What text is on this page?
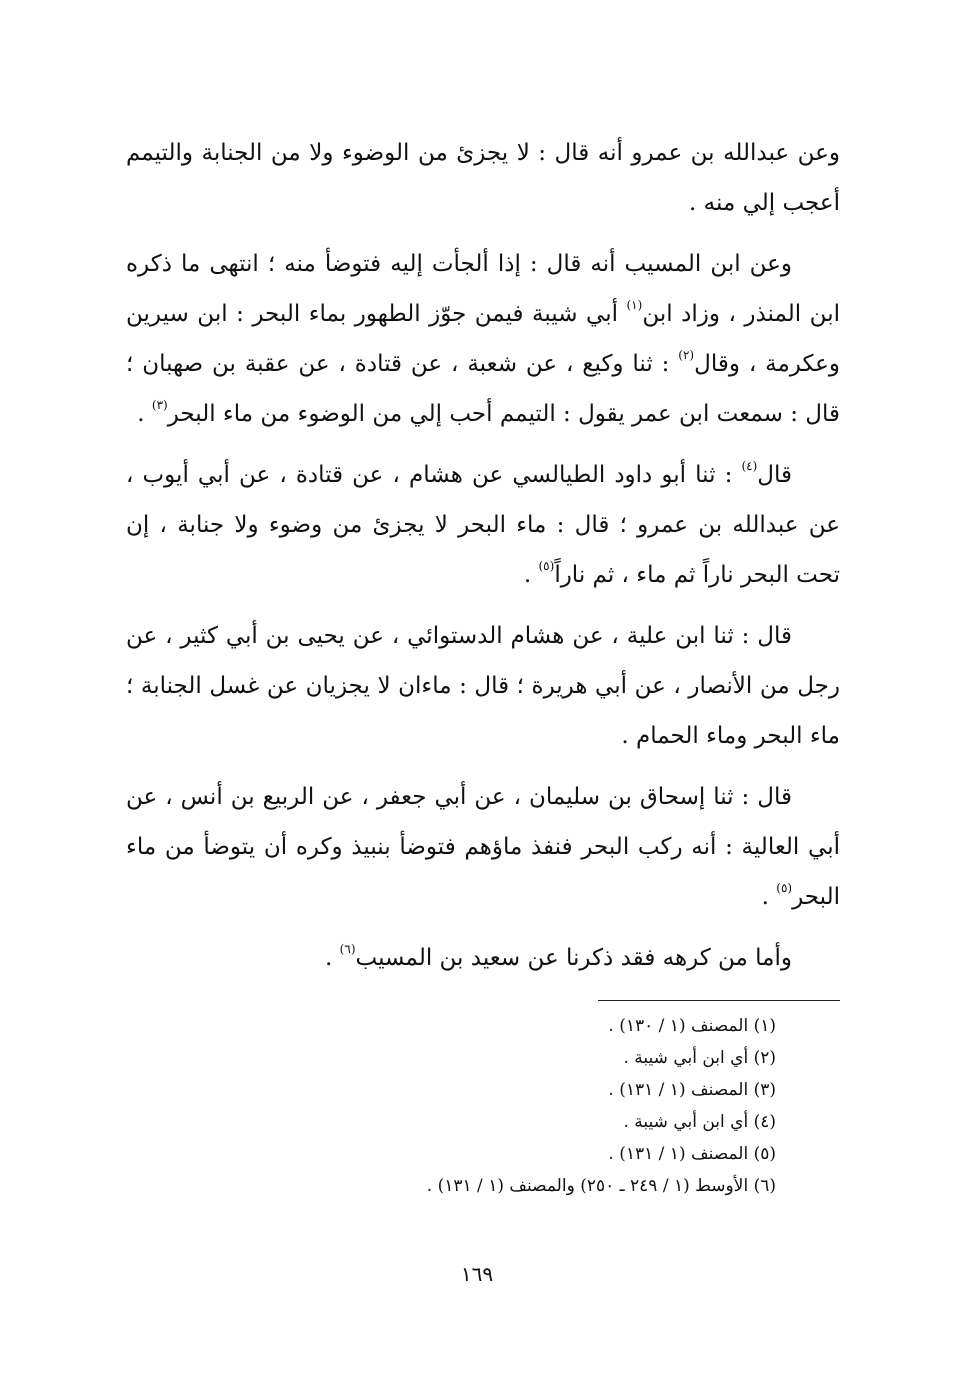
وعن عبدالله بن عمرو أنه قال : لا يجزئ من الوضوء ولا من الجنابة والتيمم أعجب إلي منه .

وعن ابن المسيب أنه قال : إذا ألجأت إليه فتوضأ منه ؛ انتهى ما ذكره ابن المنذر ، وزاد ابن$^{(١)}$ أبي شيبة فيمن جوّز الطهور بماء البحر : ابن سيرين وعكرمة ، وقال$^{(٢)}$ : ثنا وكيع ، عن شعبة ، عن قتادة ، عن عقبة بن صهبان ؛ قال : سمعت ابن عمر يقول : التيمم أحب إلي من الوضوء من ماء البحر$^{(٣)}$ .

قال$^{(٤)}$ : ثنا أبو داود الطيالسي عن هشام ، عن قتادة ، عن أبي أيوب ، عن عبدالله بن عمرو ؛ قال : ماء البحر لا يجزئ من وضوء ولا جنابة ، إن تحت البحر ناراً ثم ماء ، ثم ناراً$^{(٥)}$ .

قال : ثنا ابن علية ، عن هشام الدستوائي ، عن يحيى بن أبي كثير ، عن رجل من الأنصار ، عن أبي هريرة ؛ قال : ماءان لا يجزيان عن غسل الجنابة ؛ ماء البحر وماء الحمام .

قال : ثنا إسحاق بن سليمان ، عن أبي جعفر ، عن الربيع بن أنس ، عن أبي العالية : أنه ركب البحر فنفذ ماؤهم فتوضأ بنبيذ وكره أن يتوضأ من ماء البحر$^{(٥)}$ .

وأما من كرهه فقد ذكرنا عن سعيد بن المسيب$^{(٦)}$ .

(١) المصنف (١ / ١٣٠) .
(٢) أي ابن أبي شيبة .
(٣) المصنف (١ / ١٣١) .
(٤) أي ابن أبي شيبة .
(٥) المصنف (١ / ١٣١) .
(٦) الأوسط (١ / ٢٤٩ ـ ٢٥٠) والمصنف (١ / ١٣١) .
١٦٩
